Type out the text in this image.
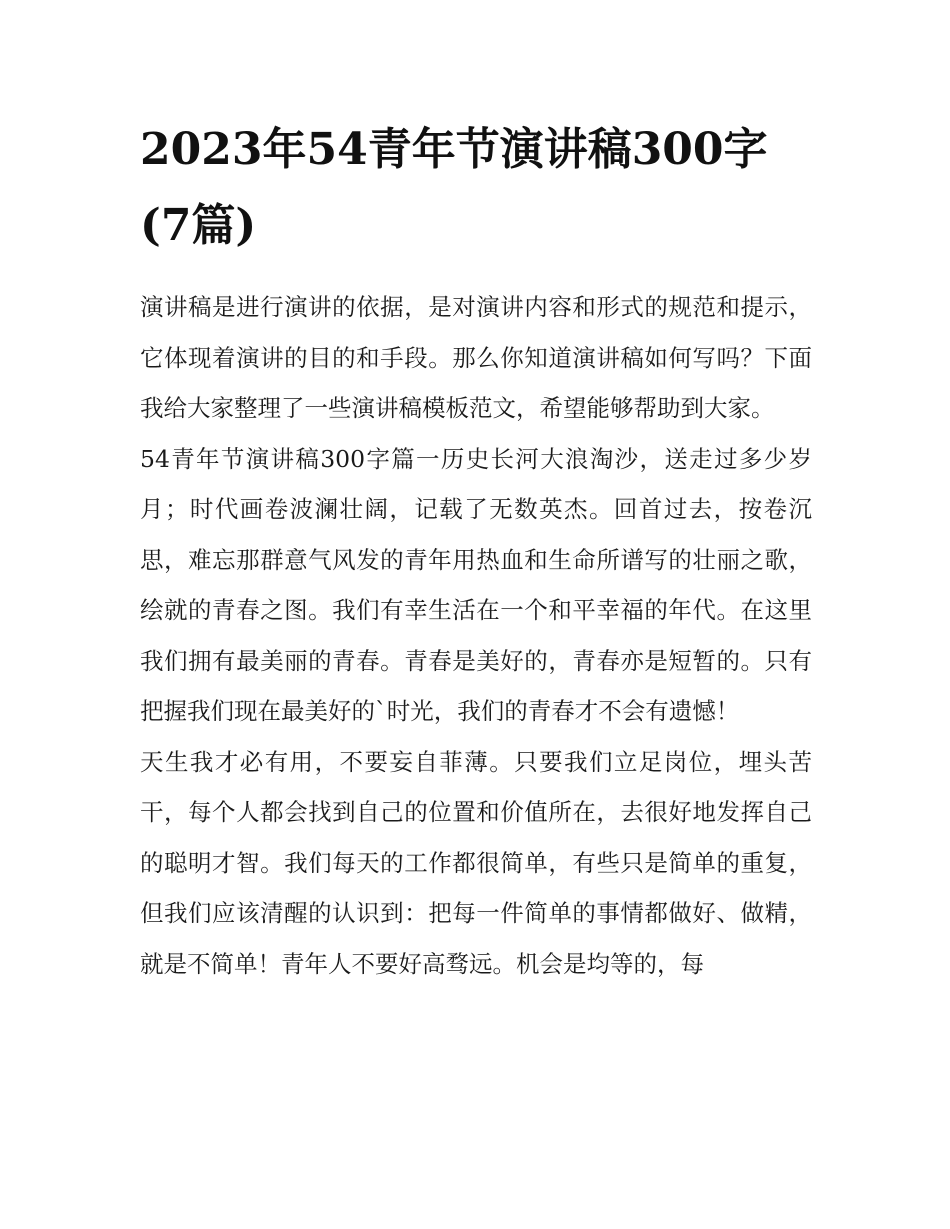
2023年54青年节演讲稿300字(7篇)

演讲稿是进行演讲的依据，是对演讲内容和形式的规范和提示，它体现着演讲的目的和手段。那么你知道演讲稿如何写吗？下面我给大家整理了一些演讲稿模板范文，希望能够帮助到大家。

54青年节演讲稿300字篇一历史长河大浪淘沙，送走过多少岁月；时代画卷波澜壮阔，记载了无数英杰。回首过去，按卷沉思，难忘那群意气风发的青年用热血和生命所谱写的壮丽之歌，绘就的青春之图。我们有幸生活在一个和平幸福的年代。在这里我们拥有最美丽的青春。青春是美好的，青春亦是短暂的。只有把握我们现在最美好的`时光，我们的青春才不会有遗憾！

天生我才必有用，不要妄自菲薄。只要我们立足岗位，埋头苦干，每个人都会找到自己的位置和价值所在，去很好地发挥自己的聪明才智。我们每天的工作都很简单，有些只是简单的重复，但我们应该清醒的认识到：把每一件简单的事情都做好、做精，就是不简单！青年人不要好高骛远。机会是均等的，每
